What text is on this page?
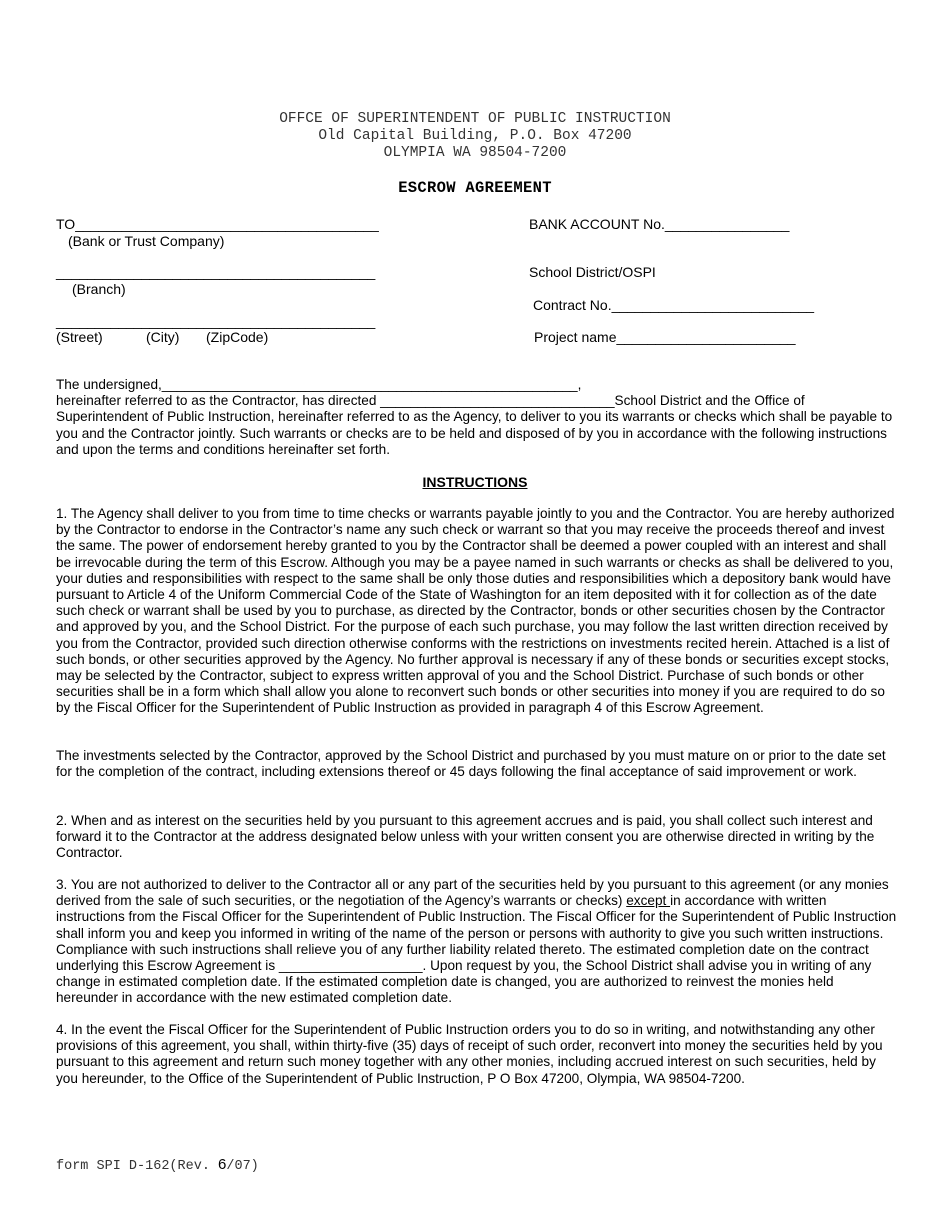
OFFCE OF SUPERINTENDENT OF PUBLIC INSTRUCTION
Old Capital Building, P.O. Box 47200
OLYMPIA WA 98504-7200
ESCROW AGREEMENT
TO_______________________________________
(Bank or Trust Company)
_________________________________________
(Branch)
_________________________________________
(Street)	(City) (ZipCode)
BANK ACCOUNT No.________________
School District/OSPI
Contract No.__________________________
Project name_______________________

The undersigned,_______________________________________________________,

hereinafter referred to as the Contractor, has directed _______________________________School District and the Office of

Superintendent of Public Instruction, hereinafter referred to as the Agency, to deliver to you its warrants or checks which shall be payable to you and the Contractor jointly. Such warrants or checks are to be held and disposed of by you in accordance with the following instructions and upon the terms and conditions hereinafter set forth.

INSTRUCTIONS

1. The Agency shall deliver to you from time to time checks or warrants payable jointly to you and the Contractor. You are hereby authorized by the Contractor to endorse in the Contractor’s name any such check or warrant so that you may receive the proceeds thereof and invest the same. The power of endorsement hereby granted to you by the Contractor shall be deemed a power coupled with an interest and shall be irrevocable during the term of this Escrow. Although you may be a payee named in such warrants or checks as shall be delivered to you, your duties and responsibilities with respect to the same shall be only those duties and responsibilities which a depository bank would have pursuant to Article 4 of the Uniform Commercial Code of the State of Washington for an item deposited with it for collection as of the date such check or warrant shall be used by you to purchase, as directed by the Contractor, bonds or other securities chosen by the Contractor and approved by you, and the School District. For the purpose of each such purchase, you may follow the last written direction received by you from the Contractor, provided such direction otherwise conforms with the restrictions on investments recited herein. Attached is a list of such bonds, or other securities approved by the Agency. No further approval is necessary if any of these bonds or securities except stocks, may be selected by the Contractor, subject to express written approval of you and the School District. Purchase of such bonds or other securities shall be in a form which shall allow you alone to reconvert such bonds or other securities into money if you are required to do so by the Fiscal Officer for the Superintendent of Public Instruction as provided in paragraph 4 of this Escrow Agreement.

The investments selected by the Contractor, approved by the School District and purchased by you must mature on or prior to the date set for the completion of the contract, including extensions thereof or 45 days following the final acceptance of said improvement or work.

2. When and as interest on the securities held by you pursuant to this agreement accrues and is paid, you shall collect such interest and forward it to the Contractor at the address designated below unless with your written consent you are otherwise directed in writing by the Contractor.

3. You are not authorized to deliver to the Contractor all or any part of the securities held by you pursuant to this agreement (or any monies derived from the sale of such securities, or the negotiation of the Agency’s warrants or checks) except in accordance with written instructions from the Fiscal Officer for the Superintendent of Public Instruction. The Fiscal Officer for the Superintendent of Public Instruction shall inform you and keep you informed in writing of the name of the person or persons with authority to give you such written instructions. Compliance with such instructions shall relieve you of any further liability related thereto. The estimated completion date on the contract underlying this Escrow Agreement is ___________________. Upon request by you, the School District shall advise you in writing of any change in estimated completion date. If the estimated completion date is changed, you are authorized to reinvest the monies held hereunder in accordance with the new estimated completion date.

4. In the event the Fiscal Officer for the Superintendent of Public Instruction orders you to do so in writing, and notwithstanding any other provisions of this agreement, you shall, within thirty-five (35) days of receipt of such order, reconvert into money the securities held by you pursuant to this agreement and return such money together with any other monies, including accrued interest on such securities, held by you hereunder, to the Office of the Superintendent of Public Instruction, P O Box 47200, Olympia, WA 98504-7200.

form SPI D-162(Rev. 6/07)
